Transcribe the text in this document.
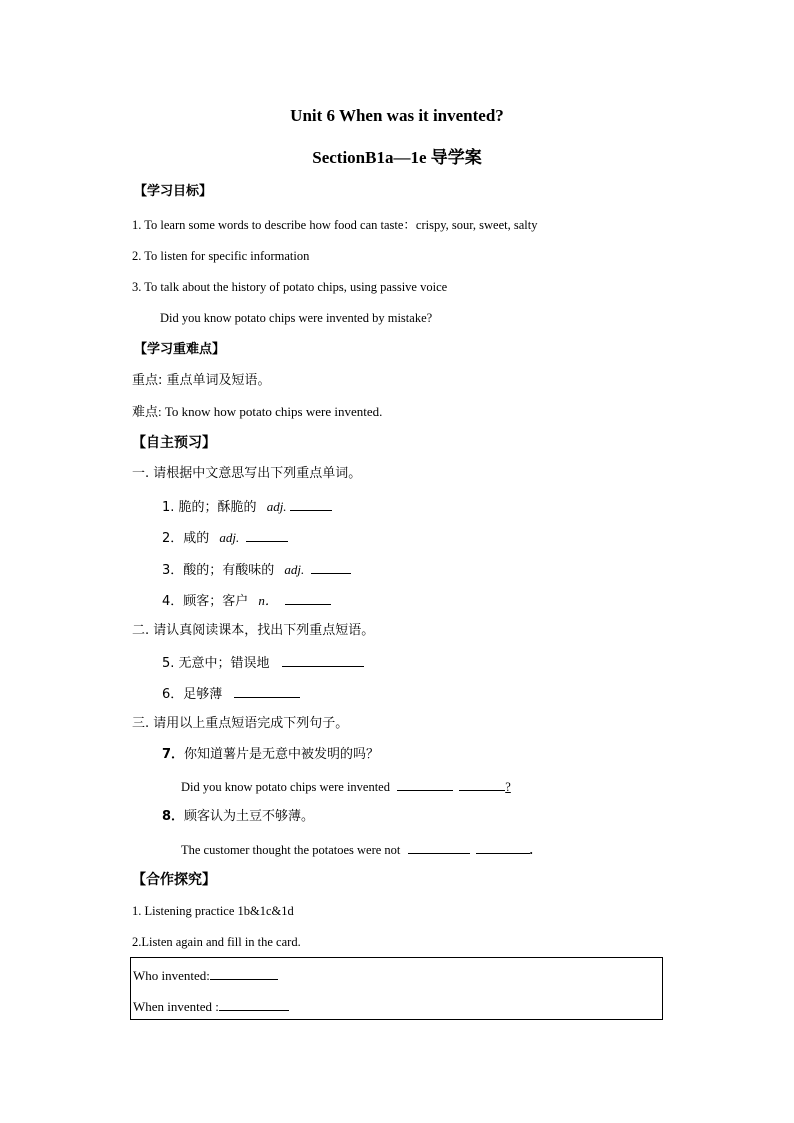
Unit 6 When was it invented?
SectionB1a—1e 导学案
【学习目标】
1. To learn some words to describe how food can taste：crispy, sour, sweet, salty
2. To listen for specific information
3. To talk about the history of potato chips, using passive voice
Did you know potato chips were invented by mistake?
【学习重难点】
重点: 重点单词及短语。
难点: To know how potato chips were invented.
【自主预习】
一. 请根据中文意思写出下列重点单词。
1. 脆的；酥脆的 adj.
2．咸的 adj.
3．酸的；有酸味的 adj.
4．顾客；客户 n．
二. 请认真阅读课本，找出下列重点短语。
5. 无意中；错误地
6．足够薄
三. 请用以上重点短语完成下列句子。
7．你知道薯片是无意中被发明的吗？
Did you know potato chips were invented	?
8．顾客认为土豆不够薄。
The customer thought the potatoes were not	.
【合作探究】
1. Listening practice 1b&1c&1d
2.Listen again and fill in the card.
Who invented:
When invented :
